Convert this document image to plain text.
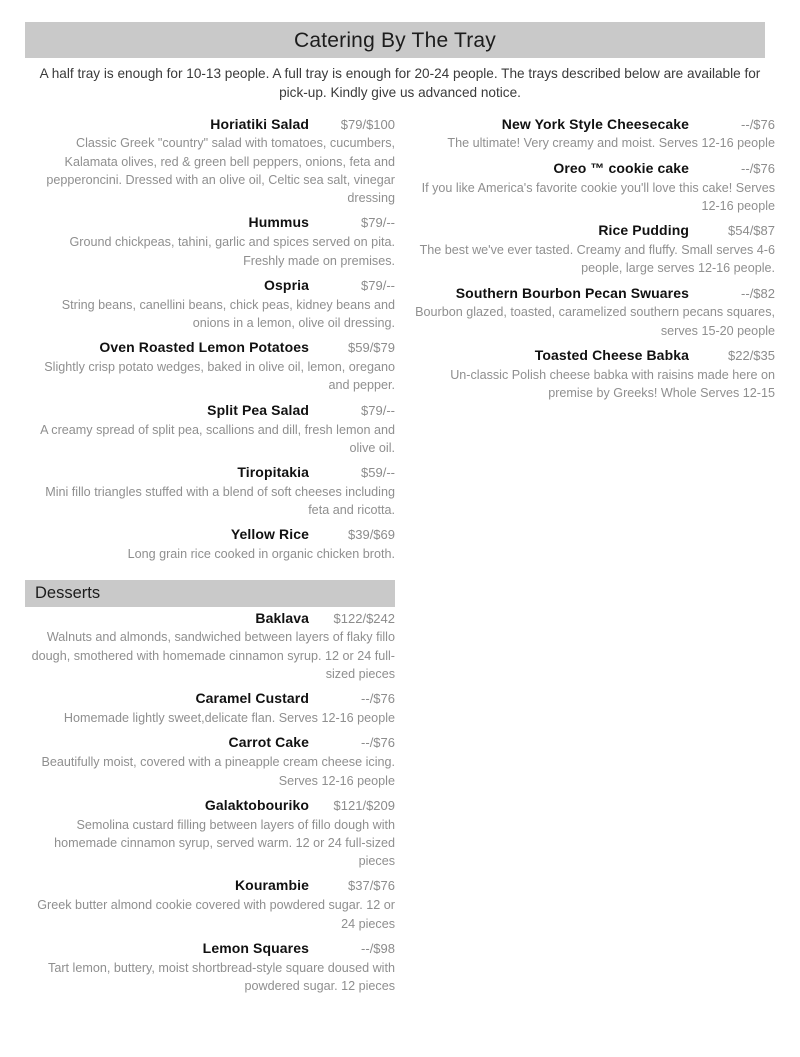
Catering By The Tray
A half tray is enough for 10-13 people. A full tray is enough for 20-24 people. The trays described below are available for pick-up. Kindly give us advanced notice.
Horiatiki Salad	$79/$100
Classic Greek "country" salad with tomatoes, cucumbers, Kalamata olives, red & green bell peppers, onions, feta and pepperoncini. Dressed with an olive oil, Celtic sea salt, vinegar dressing
Hummus	$79/--
Ground chickpeas, tahini, garlic and spices served on pita. Freshly made on premises.
Ospria	$79/--
String beans, canellini beans, chick peas, kidney beans and onions in a lemon, olive oil dressing.
Oven Roasted Lemon Potatoes	$59/$79
Slightly crisp potato wedges, baked in olive oil, lemon, oregano and pepper.
Split Pea Salad	$79/--
A creamy spread of split pea, scallions and dill, fresh lemon and olive oil.
Tiropitakia	$59/--
Mini fillo triangles stuffed with a blend of soft cheeses including feta and ricotta.
Yellow Rice	$39/$69
Long grain rice cooked in organic chicken broth.
Desserts
Baklava	$122/$242
Walnuts and almonds, sandwiched between layers of flaky fillo dough, smothered with homemade cinnamon syrup. 12 or 24 full-sized pieces
Caramel Custard	--/$76
Homemade lightly sweet,delicate flan. Serves 12-16 people
Carrot Cake	--/$76
Beautifully moist, covered with a pineapple cream cheese icing. Serves 12-16 people
Galaktobouriko	$121/$209
Semolina custard filling between layers of fillo dough with homemade cinnamon syrup, served warm. 12 or 24 full-sized pieces
Kourambie	$37/$76
Greek butter almond cookie covered with powdered sugar. 12 or 24 pieces
Lemon Squares	--/$98
Tart lemon, buttery, moist shortbread-style square doused with powdered sugar. 12 pieces
New York Style Cheesecake	--/$76
The ultimate! Very creamy and moist. Serves 12-16 people
Oreo ™ cookie cake	--/$76
If you like America's favorite cookie you'll love this cake! Serves 12-16 people
Rice Pudding	$54/$87
The best we've ever tasted. Creamy and fluffy. Small serves 4-6 people, large serves 12-16 people.
Southern Bourbon Pecan Swuares	--/$82
Bourbon glazed, toasted, caramelized southern pecans squares, serves 15-20 people
Toasted Cheese Babka	$22/$35
Un-classic Polish cheese babka with raisins made here on premise by Greeks! Whole Serves 12-15
